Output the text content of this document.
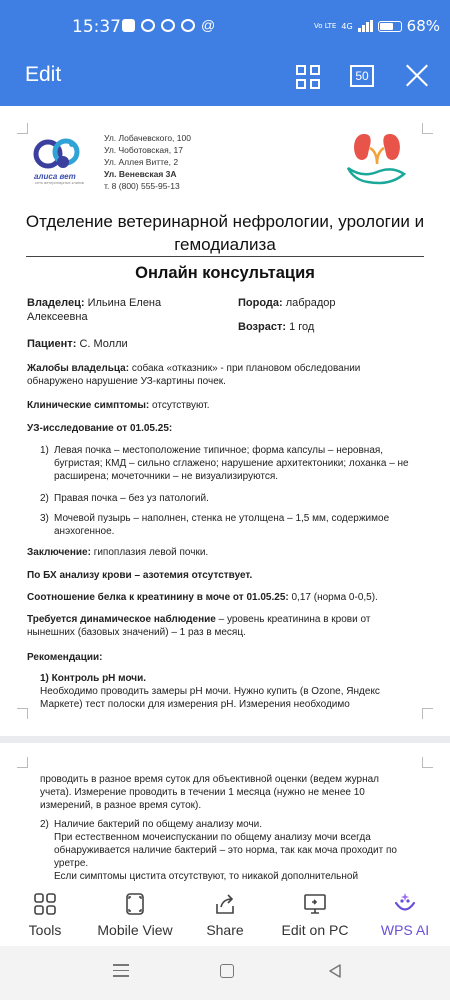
15:37	@	Vo LTE 4G	68%
Edit	50
алиса вет
сеть ветеринарных клиник
Ул. Лобачевского, 100
Ул. Чоботовская, 17
Ул. Аллея Витте, 2
Ул. Веневская 3А
т. 8 (800) 555-95-13
Отделение ветеринарной нефрологии, урологии и гемодиализа
Онлайн консультация
Владелец: Ильина Елена Алексеевна
Порода: лабрадор
Возраст: 1 год
Пациент: С. Молли
Жалобы владельца: собака «отказник» - при плановом обследовании обнаружено нарушение УЗ-картины почек.
Клинические симптомы: отсутствуют.
УЗ-исследование от 01.05.25:
1) Левая почка – местоположение типичное; форма капсулы – неровная, бугристая; КМД – сильно сглажено; нарушение архитектоники; лоханка – не расширена; мочеточники – не визуализируются.
2) Правая почка – без уз патологий.
3) Мочевой пузырь – наполнен, стенка не утолщена – 1,5 мм, содержимое анэхогенное.
Заключение: гипоплазия левой почки.
По БХ анализу крови – азотемия отсутствует.
Соотношение белка к креатинину в моче от 01.05.25: 0,17 (норма 0-0,5).
Требуется динамическое наблюдение – уровень креатинина в крови от нынешних (базовых значений) – 1 раз в месяц.
Рекомендации:
1) Контроль pH мочи.
Необходимо проводить замеры pH мочи. Нужно купить (в Ozone, Яндекс Маркете) тест полоски для измерения pH. Измерения необходимо
проводить в разное время суток для объективной оценки (ведем журнал учета). Измерение проводить в течении 1 месяца (нужно не менее 10 измерений, в разное время суток).
2) Наличие бактерий по общему анализу мочи.
При естественном мочеиспускании по общему анализу мочи всегда обнаруживается наличие бактерий – это норма, так как моча проходит по уретре.
Если симптомы цистита отсутствуют, то никакой дополнительной
Tools	Mobile View	Share	Edit on PC	WPS AI
